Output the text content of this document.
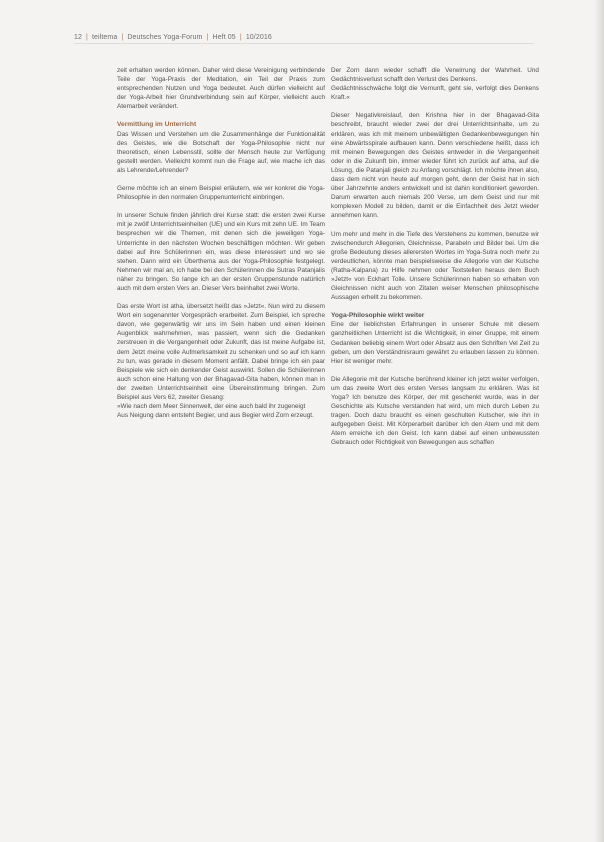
12 | teiltema | Deutsches Yoga-Forum | Heft 05 | 10/2016

zeit erhalten werden können. Daher wird diese Vereinigung verbindende Teile der Yoga-Praxis der Meditation, ein Teil der Praxis zum entsprechenden Nutzen und Yoga bedeutet. Auch dürfen vielleicht auf der Yoga-Arbeit hier Grundverbindung sein auf Körper, vielleicht auch Atemarbeit verändert.

Vermittlung im Unterricht

Das Wissen und Verstehen um die Zusammenhänge der Funktionalität des Geistes, wie die Botschaft der Yoga-Philosophie nicht nur theoretisch, einen Lebensstil, sollte der Mensch heute zur Verfügung gestellt werden. Vielleicht kommt nun die Frage auf, wie mache ich das als Lehrende/Lehrender?

Gerne möchte ich an einem Beispiel erläutern, wie wir konkret die Yoga-Philosophie in den normalen Gruppenunterricht einbringen.

In unserer Schule finden jährlich drei Kurse statt: die ersten zwei Kurse mit je zwölf Unterrichtseinheiten (UE) und ein Kurs mit zehn UE. Im Team besprechen wir die Themen, mit denen sich die jeweiligen Yoga-Unterrichte in den nächsten Wochen beschäftigen möchten. Wir geben dabei auf ihre Schülerinnen ein, was diese interessiert und wo sie stehen. Dann wird ein Überthema aus der Yoga-Philosophie festgelegt. Nehmen wir mal an, ich habe bei den Schülerinnen die Sutras Patanjalis näher zu bringen. So lange ich an der ersten Gruppenstunde natürlich auch mit dem ersten Vers an. Dieser Vers beinhaltet zwei Worte.

Das erste Wort ist atha, übersetzt heißt das »Jetzt«. Nun wird zu diesem Wort ein sogenannter Vorgespräch erarbeitet. Zum Beispiel, ich spreche davon, wie gegenwärtig wir uns im Sein haben und einen kleinen Augenblick wahrnehmen, was passiert, wenn sich die Gedanken zerstreuen in die Vergangenheit oder Zukunft, das ist meine Aufgabe ist, dem Jetzt meine volle Aufmerksamkeit zu schenken und so auf ich kann zu tun, was gerade in diesem Moment anfällt. Dabei bringe ich ein paar Beispiele wie sich ein denkender Geist auswirkt. Sollen die Schülerinnen auch schon eine Haltung von der Bhagavad-Gita haben, können man in der zweiten Unterrichtseinheit eine Übereinstimmung bringen. Zum Beispiel aus Vers 62, zweiter Gesang:

»Wie nach dem Meer Sinnenwelt, der eine auch bald ihr zugeneigt

Aus Neigung dann entsteht Begier, und aus Begier wird Zorn erzeugt.

Der Zorn dann wieder schafft die Verwirrung der Wahrheit. Und Gedächtnisverlust schafft den Verlust des Denkens.

Gedächtnisschwäche folgt die Vernunft, geht sie, verfolgt dies Denkens Kraft.«

Dieser Negativkreislauf, den Krishna hier in der Bhagavad-Gita beschreibt, braucht wieder zwei der drei Unterrichtsinhalte, um zu erklären, was ich mit meinem unbewältigten Gedankenbewegungen hin eine Abwärtsspirale aufbauen kann. Denn verschiedene heißt, dass ich mit meinen Bewegungen des Geistes entweder in die Vergangenheit oder in die Zukunft bin, immer wieder führt ich zurück auf atha, auf die Lösung, die Patanjali gleich zu Anfang vorschlägt. Ich möchte ihnen also, dass dem nicht von heute auf morgen geht, denn der Geist hat in sich über Jahrzehnte anders entwickelt und ist dahin konditioniert geworden. Darum erwarten auch niemals 200 Verse, um dem Geist und nur mit komplexen Modell zu bilden, damit er die Einfachheit des Jetzt wieder annehmen kann.

Um mehr und mehr in die Tiefe des Verstehens zu kommen, benutze wir zwischendurch Allegorien, Gleichnisse, Parabeln und Bilder bei. Um die große Bedeutung dieses allerersten Wortes im Yoga-Sutra noch mehr zu verdeutlichen, könnte man beispielsweise die Allegorie von der Kutsche (Ratha-Kalpana) zu Hilfe nehmen oder Textstellen heraus dem Buch »Jetzt« von Eckhart Tolle. Unsere Schülerinnen haben so erhalten von Gleichnissen nicht auch von Zitaten weiser Menschen philosophische Aussagen erhellt zu bekommen.

Yoga-Philosophie wirkt weiter

Eine der lieblichsten Erfahrungen in unserer Schule mit diesem ganzheitlichen Unterricht ist die Wichtigkeit, in einer Gruppe, mit einem Gedanken beliebig einem Wort oder Absatz aus den Schriften Vel Zeit zu geben, um den Verständnisraum gewährt zu erlauben lassen zu können. Hier ist weniger mehr.

Die Allegorie mit der Kutsche berührend kleiner ich jetzt weiter verfolgen, um das zweite Wort des ersten Verses langsam zu erklären. Was ist Yoga? Ich benutze des Körper, der mit geschenkt wurde, was in der Geschichte als Kutsche verstanden hat wird, um mich durch Leben zu tragen. Doch dazu braucht es einen geschulten Kutscher, wie ihn in aufgegeben Geist. Mit Körperarbeit darüber ich den Atem und mit dem Atem erreiche ich den Geist. Ich kann dabei auf einen unbewussten Gebrauch oder Richtigkeit von Bewegungen aus schaffen
